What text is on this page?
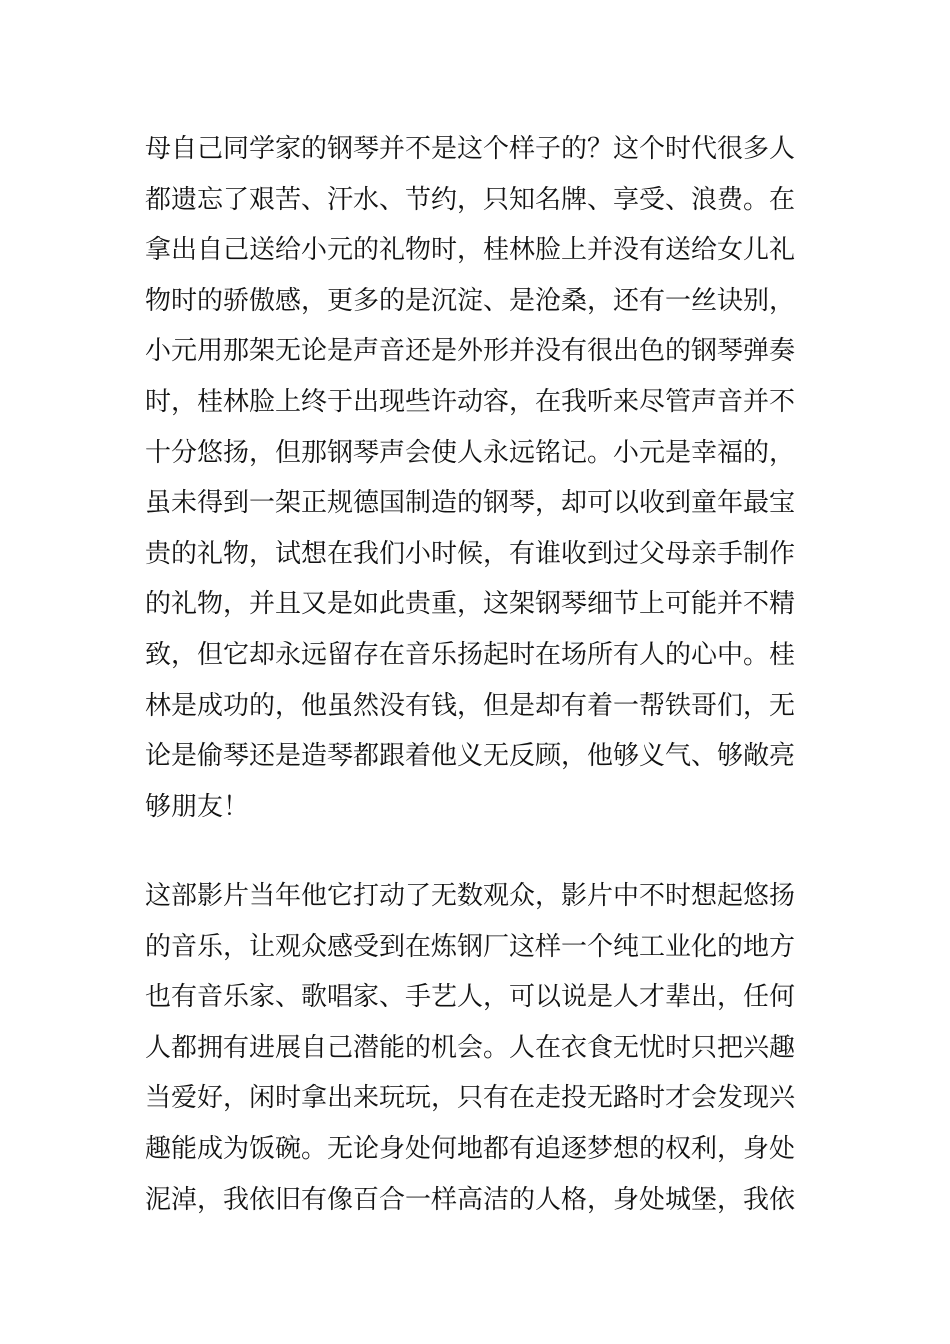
母自己同学家的钢琴并不是这个样子的？这个时代很多人
都遗忘了艰苦、汗水、节约，只知名牌、享受、浪费。在
拿出自己送给小元的礼物时，桂林脸上并没有送给女儿礼
物时的骄傲感，更多的是沉淀、是沧桑，还有一丝诀别，
小元用那架无论是声音还是外形并没有很出色的钢琴弹奏
时，桂林脸上终于出现些许动容，在我听来尽管声音并不
十分悠扬，但那钢琴声会使人永远铭记。小元是幸福的，
虽未得到一架正规德国制造的钢琴，却可以收到童年最宝
贵的礼物，试想在我们小时候，有谁收到过父母亲手制作
的礼物，并且又是如此贵重，这架钢琴细节上可能并不精
致，但它却永远留存在音乐扬起时在场所有人的心中。桂
林是成功的，他虽然没有钱，但是却有着一帮铁哥们，无
论是偷琴还是造琴都跟着他义无反顾，他够义气、够敞亮
够朋友！

这部影片当年他它打动了无数观众，影片中不时想起悠扬
的音乐，让观众感受到在炼钢厂这样一个纯工业化的地方
也有音乐家、歌唱家、手艺人，可以说是人才辈出，任何
人都拥有进展自己潜能的机会。人在衣食无忧时只把兴趣
当爱好，闲时拿出来玩玩，只有在走投无路时才会发现兴
趣能成为饭碗。无论身处何地都有追逐梦想的权利，身处
泥淖，我依旧有像百合一样高洁的人格，身处城堡，我依
